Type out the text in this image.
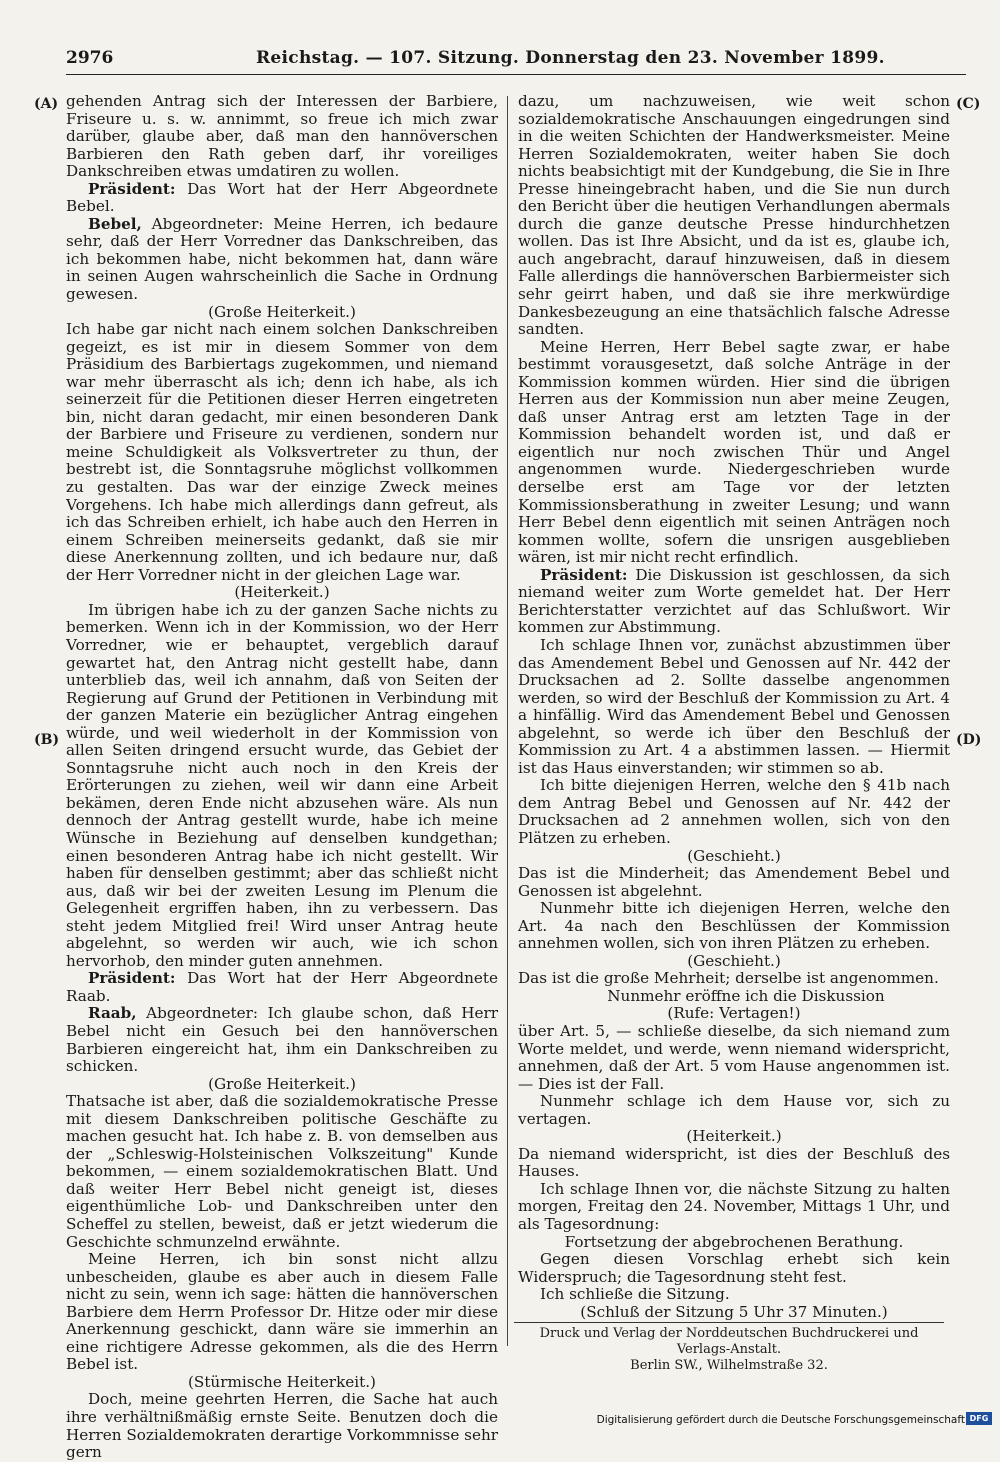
2976	Reichstag. — 107. Sitzung. Donnerstag den 23. November 1899.
(A)
(B)
(C)
(D)

gehenden Antrag sich der Interessen der Barbiere, Friseure u. s. w. annimmt, so freue ich mich zwar darüber, glaube aber, daß man den hannöverschen Barbieren den Rath geben darf, ihr voreiliges Dankschreiben etwas umdatiren zu wollen.

Präsident: Das Wort hat der Herr Abgeordnete Bebel.

Bebel, Abgeordneter: Meine Herren, ich bedaure sehr, daß der Herr Vorredner das Dankschreiben, das ich bekommen habe, nicht bekommen hat, dann wäre in seinen Augen wahrscheinlich die Sache in Ordnung gewesen.

(Große Heiterkeit.)

Ich habe gar nicht nach einem solchen Dankschreiben gegeizt, es ist mir in diesem Sommer von dem Präsidium des Barbiertags zugekommen, und niemand war mehr überrascht als ich; denn ich habe, als ich seinerzeit für die Petitionen dieser Herren eingetreten bin, nicht daran gedacht, mir einen besonderen Dank der Barbiere und Friseure zu verdienen, sondern nur meine Schuldigkeit als Volksvertreter zu thun, der bestrebt ist, die Sonntagsruhe möglichst vollkommen zu gestalten. Das war der einzige Zweck meines Vorgehens. Ich habe mich allerdings dann gefreut, als ich das Schreiben erhielt, ich habe auch den Herren in einem Schreiben meinerseits gedankt, daß sie mir diese Anerkennung zollten, und ich bedaure nur, daß der Herr Vorredner nicht in der gleichen Lage war.

(Heiterkeit.)

Im übrigen habe ich zu der ganzen Sache nichts zu bemerken. Wenn ich in der Kommission, wo der Herr Vorredner, wie er behauptet, vergeblich darauf gewartet hat, den Antrag nicht gestellt habe, dann unterblieb das, weil ich annahm, daß von Seiten der Regierung auf Grund der Petitionen in Verbindung mit der ganzen Materie ein bezüglicher Antrag eingehen würde, und weil wiederholt in der Kommission von allen Seiten dringend ersucht wurde, das Gebiet der Sonntagsruhe nicht auch noch in den Kreis der Erörterungen zu ziehen, weil wir dann eine Arbeit bekämen, deren Ende nicht abzusehen wäre. Als nun dennoch der Antrag gestellt wurde, habe ich meine Wünsche in Beziehung auf denselben kundgethan; einen besonderen Antrag habe ich nicht gestellt. Wir haben für denselben gestimmt; aber das schließt nicht aus, daß wir bei der zweiten Lesung im Plenum die Gelegenheit ergriffen haben, ihn zu verbessern. Das steht jedem Mitglied frei! Wird unser Antrag heute abgelehnt, so werden wir auch, wie ich schon hervorhob, den minder guten annehmen.

Präsident: Das Wort hat der Herr Abgeordnete Raab.

Raab, Abgeordneter: Ich glaube schon, daß Herr Bebel nicht ein Gesuch bei den hannöverschen Barbieren eingereicht hat, ihm ein Dankschreiben zu schicken.

(Große Heiterkeit.)

Thatsache ist aber, daß die sozialdemokratische Presse mit diesem Dankschreiben politische Geschäfte zu machen gesucht hat. Ich habe z. B. von demselben aus der „Schleswig-Holsteinischen Volkszeitung" Kunde bekommen, — einem sozialdemokratischen Blatt. Und daß weiter Herr Bebel nicht geneigt ist, dieses eigenthümliche Lob- und Dankschreiben unter den Scheffel zu stellen, beweist, daß er jetzt wiederum die Geschichte schmunzelnd erwähnte.

Meine Herren, ich bin sonst nicht allzu unbescheiden, glaube es aber auch in diesem Falle nicht zu sein, wenn ich sage: hätten die hannöverschen Barbiere dem Herrn Professor Dr. Hitze oder mir diese Anerkennung geschickt, dann wäre sie immerhin an eine richtigere Adresse gekommen, als die des Herrn Bebel ist.

(Stürmische Heiterkeit.)

Doch, meine geehrten Herren, die Sache hat auch ihre verhältnißmäßig ernste Seite. Benutzen doch die Herren Sozialdemokraten derartige Vorkommnisse sehr gern

dazu, um nachzuweisen, wie weit schon sozialdemokratische Anschauungen eingedrungen sind in die weiten Schichten der Handwerksmeister. Meine Herren Sozialdemokraten, weiter haben Sie doch nichts beabsichtigt mit der Kundgebung, die Sie in Ihre Presse hineingebracht haben, und die Sie nun durch den Bericht über die heutigen Verhandlungen abermals durch die ganze deutsche Presse hindurchhetzen wollen. Das ist Ihre Absicht, und da ist es, glaube ich, auch angebracht, darauf hinzuweisen, daß in diesem Falle allerdings die hannöverschen Barbiermeister sich sehr geirrt haben, und daß sie ihre merkwürdige Dankesbezeugung an eine thatsächlich falsche Adresse sandten.

Meine Herren, Herr Bebel sagte zwar, er habe bestimmt vorausgesetzt, daß solche Anträge in der Kommission kommen würden. Hier sind die übrigen Herren aus der Kommission nun aber meine Zeugen, daß unser Antrag erst am letzten Tage in der Kommission behandelt worden ist, und daß er eigentlich nur noch zwischen Thür und Angel angenommen wurde. Niedergeschrieben wurde derselbe erst am Tage vor der letzten Kommissionsberathung in zweiter Lesung; und wann Herr Bebel denn eigentlich mit seinen Anträgen noch kommen wollte, sofern die unsrigen ausgeblieben wären, ist mir nicht recht erfindlich.

Präsident: Die Diskussion ist geschlossen, da sich niemand weiter zum Worte gemeldet hat. Der Herr Berichterstatter verzichtet auf das Schlußwort. Wir kommen zur Abstimmung.

Ich schlage Ihnen vor, zunächst abzustimmen über das Amendement Bebel und Genossen auf Nr. 442 der Drucksachen ad 2. Sollte dasselbe angenommen werden, so wird der Beschluß der Kommission zu Art. 4 a hinfällig. Wird das Amendement Bebel und Genossen abgelehnt, so werde ich über den Beschluß der Kommission zu Art. 4 a abstimmen lassen. — Hiermit ist das Haus einverstanden; wir stimmen so ab.

Ich bitte diejenigen Herren, welche den § 41b nach dem Antrag Bebel und Genossen auf Nr. 442 der Drucksachen ad 2 annehmen wollen, sich von den Plätzen zu erheben.

(Geschieht.)

Das ist die Minderheit; das Amendement Bebel und Genossen ist abgelehnt.

Nunmehr bitte ich diejenigen Herren, welche den Art. 4a nach den Beschlüssen der Kommission annehmen wollen, sich von ihren Plätzen zu erheben.

(Geschieht.)

Das ist die große Mehrheit; derselbe ist angenommen.

Nunmehr eröffne ich die Diskussion

(Rufe: Vertagen!)

über Art. 5, — schließe dieselbe, da sich niemand zum Worte meldet, und werde, wenn niemand widerspricht, annehmen, daß der Art. 5 vom Hause angenommen ist. — Dies ist der Fall.

Nunmehr schlage ich dem Hause vor, sich zu vertagen.

(Heiterkeit.)

Da niemand widerspricht, ist dies der Beschluß des Hauses.

Ich schlage Ihnen vor, die nächste Sitzung zu halten morgen, Freitag den 24. November, Mittags 1 Uhr, und als Tagesordnung:

Fortsetzung der abgebrochenen Berathung.

Gegen diesen Vorschlag erhebt sich kein Widerspruch; die Tagesordnung steht fest.

Ich schließe die Sitzung.

(Schluß der Sitzung 5 Uhr 37 Minuten.)

Druck und Verlag der Norddeutschen Buchdruckerei und Verlags-Anstalt.
Berlin SW., Wilhelmstraße 32.
Digitalisierung gefördert durch die Deutsche Forschungsgemeinschaft DFG
